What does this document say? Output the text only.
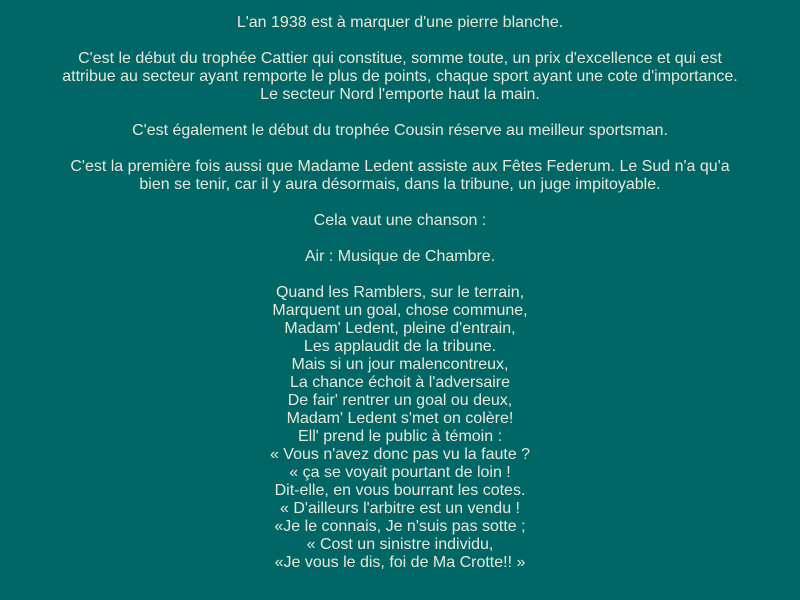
L'an 1938 est à marquer d'une pierre blanche.

C'est le début du trophée Cattier qui constitue, somme toute, un prix d'excellence et qui est
attribue au secteur ayant remporte le plus de points, chaque sport ayant une cote d'importance.
Le secteur Nord l'emporte haut la main.

C'est également le début du trophée Cousin réserve au meilleur sportsman.

C'est la première fois aussi que Madame Ledent assiste aux Fêtes Federum. Le Sud n'a qu'a
bien se tenir, car il y aura désormais, dans la tribune, un juge impitoyable.

Cela vaut une chanson :

Air : Musique de Chambre.

Quand les Ramblers, sur le terrain,
Marquent un goal, chose commune,
Madam' Ledent, pleine d'entrain,
Les applaudit de la tribune.
Mais si un jour malencontreux,
La chance échoit à l'adversaire
De fair' rentrer un goal ou deux,
Madam' Ledent s'met on colère!
Ell' prend le public à témoin :
« Vous n'avez donc pas vu la faute ?
« ça se voyait pourtant de loin !
Dit-elle, en vous bourrant les cotes.
« D'ailleurs l'arbitre est un vendu !
«Je le connais, Je n'suis pas sotte ;
« Cost un sinistre individu,
«Je vous le dis, foi de Ma Crotte!! »
